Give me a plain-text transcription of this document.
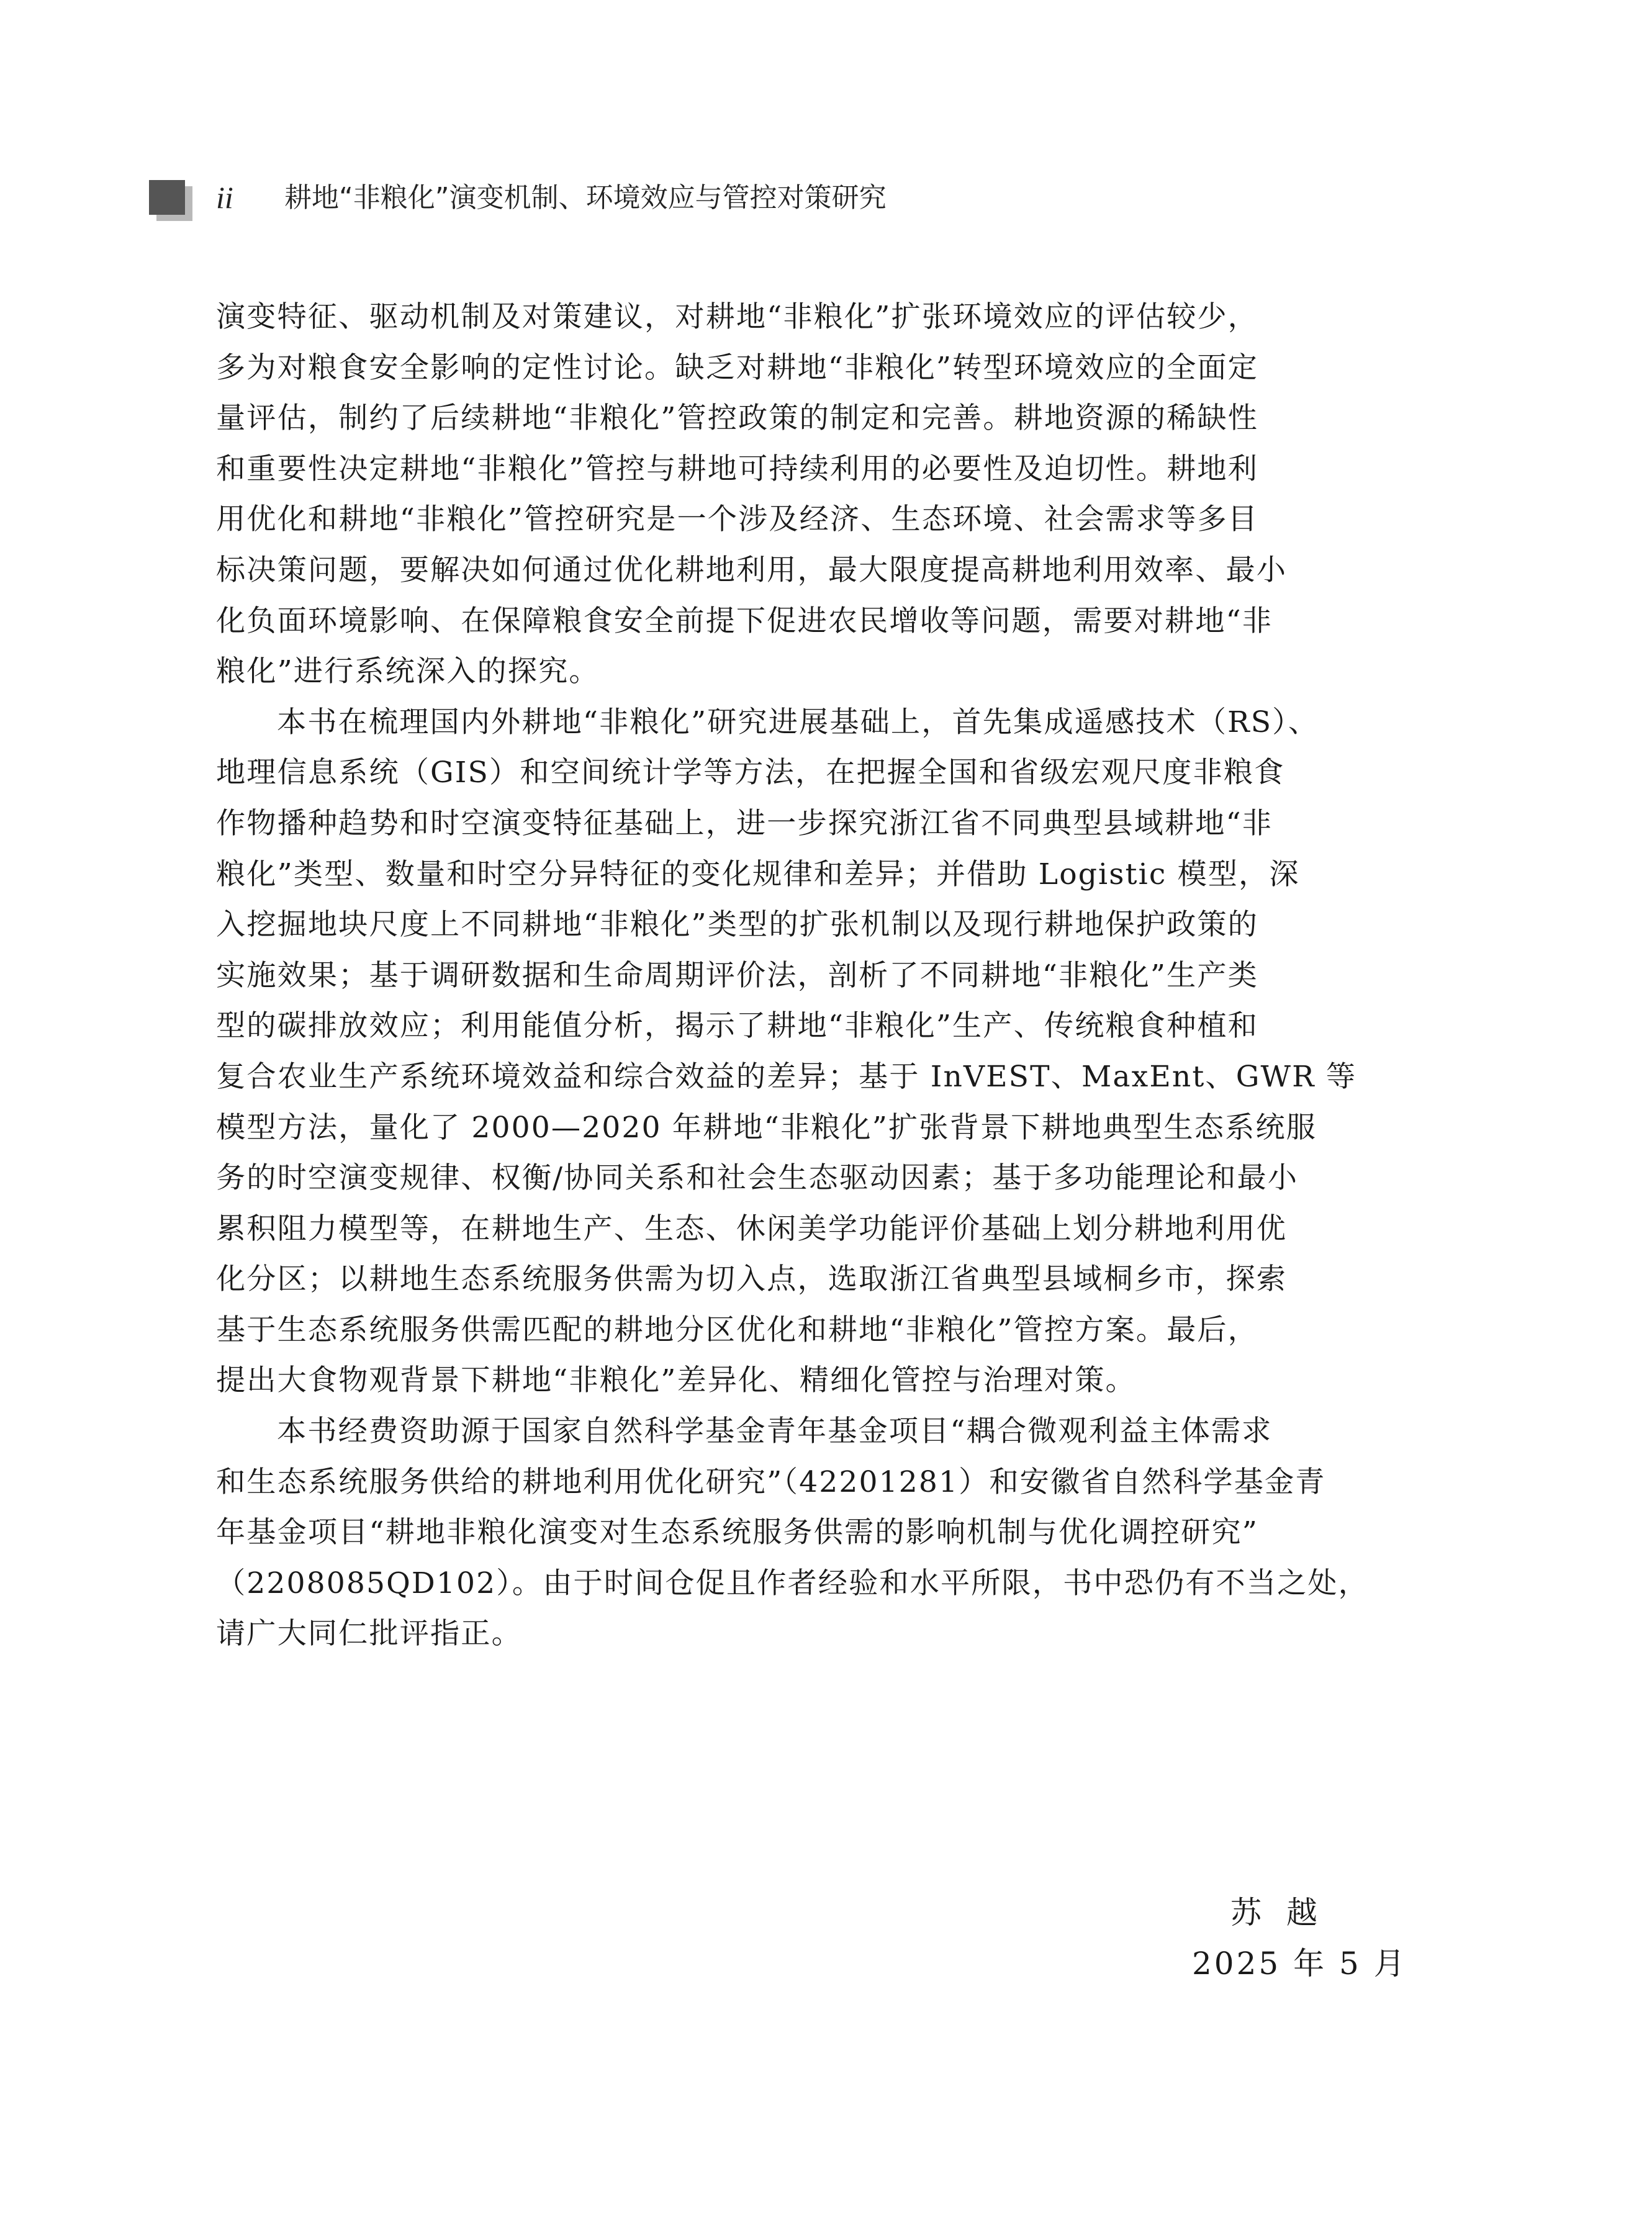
ii 耕地“非粮化”演变机制、环境效应与管控对策研究
演变特征、驱动机制及对策建议，对耕地“非粮化”扩张环境效应的评估较少，
多为对粮食安全影响的定性讨论。缺乏对耕地“非粮化”转型环境效应的全面定
量评估，制约了后续耕地“非粮化”管控政策的制定和完善。耕地资源的稀缺性
和重要性决定耕地“非粮化”管控与耕地可持续利用的必要性及迫切性。耕地利
用优化和耕地“非粮化”管控研究是一个涉及经济、生态环境、社会需求等多目
标决策问题，要解决如何通过优化耕地利用，最大限度提高耕地利用效率、最小
化负面环境影响、在保障粮食安全前提下促进农民增收等问题，需要对耕地“非
粮化”进行系统深入的探究。
本书在梳理国内外耕地“非粮化”研究进展基础上，首先集成遥感技术（RS）、
地理信息系统（GIS）和空间统计学等方法，在把握全国和省级宏观尺度非粮食
作物播种趋势和时空演变特征基础上，进一步探究浙江省不同典型县域耕地“非
粮化”类型、数量和时空分异特征的变化规律和差异；并借助 Logistic 模型，深
入挖掘地块尺度上不同耕地“非粮化”类型的扩张机制以及现行耕地保护政策的
实施效果；基于调研数据和生命周期评价法，剖析了不同耕地“非粮化”生产类
型的碳排放效应；利用能值分析，揭示了耕地“非粮化”生产、传统粮食种植和
复合农业生产系统环境效益和综合效益的差异；基于 InVEST、MaxEnt、GWR 等
模型方法，量化了 2000—2020 年耕地“非粮化”扩张背景下耕地典型生态系统服
务的时空演变规律、权衡/协同关系和社会生态驱动因素；基于多功能理论和最小
累积阻力模型等，在耕地生产、生态、休闲美学功能评价基础上划分耕地利用优
化分区；以耕地生态系统服务供需为切入点，选取浙江省典型县域桐乡市，探索
基于生态系统服务供需匹配的耕地分区优化和耕地“非粮化”管控方案。最后，
提出大食物观背景下耕地“非粮化”差异化、精细化管控与治理对策。
本书经费资助源于国家自然科学基金青年基金项目“耦合微观利益主体需求
和生态系统服务供给的耕地利用优化研究”（42201281）和安徽省自然科学基金青
年基金项目“耕地非粮化演变对生态系统服务供需的影响机制与优化调控研究”
（2208085QD102）。由于时间仓促且作者经验和水平所限，书中恐仍有不当之处，
请广大同仁批评指正。
苏越
2025 年 5 月
